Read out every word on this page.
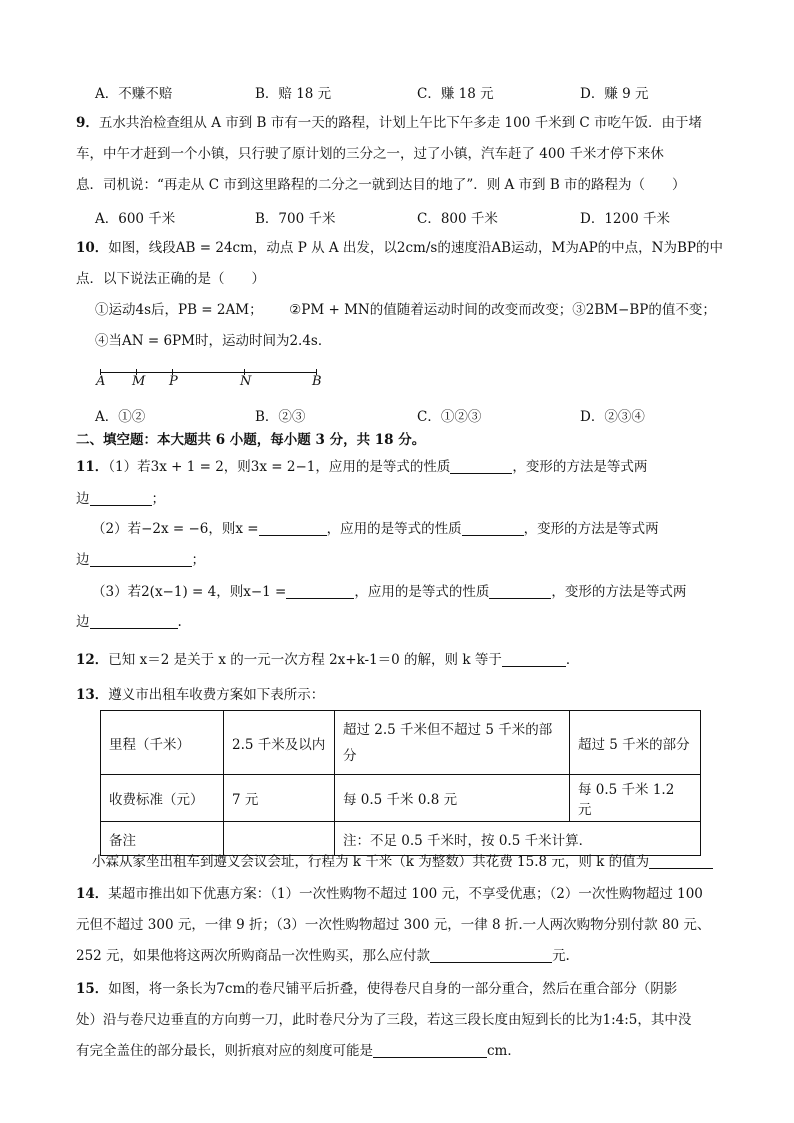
A．不赚不赔	B．赔 18 元	C．赚 18 元	D．赚 9 元
9．五水共治检查组从 A 市到 B 市有一天的路程，计划上午比下午多走 100 千米到 C 市吃午饭．由于堵
车，中午才赶到一个小镇，只行驶了原计划的三分之一，过了小镇，汽车赶了 400 千米才停下来休
息．司机说：“再走从 C 市到这里路程的二分之一就到达目的地了”．则 A 市到 B 市的路程为（　　）
A．600 千米	B．700 千米	C．800 千米	D．1200 千米
10．如图，线段AB = 24cm，动点 P 从 A 出发，以2cm/s的速度沿AB运动，M为AP的中点，N为BP的中
点．以下说法正确的是（　　）
①运动4s后，PB = 2AM； ②PM + MN的值随着运动时间的改变而改变；③2BM−BP的值不变；
④当AN = 6PM时，运动时间为2.4s．
A M P	N	B
A．①②	B．②③	C．①②③	D．②③④
二、填空题：本大题共 6 小题，每小题 3 分，共 18 分。
11．（1）若3x + 1 = 2，则3x = 2−1，应用的是等式的性质	，变形的方法是等式两
边	；
（2）若−2x = −6，则x =	，应用的是等式的性质	，变形的方法是等式两
边	；
（3）若2(x−1) = 4，则x−1 =	，应用的是等式的性质	，变形的方法是等式两
边	.
12．已知 x＝2 是关于 x 的一元一次方程 2x+k-1＝0 的解，则 k 等于	．
13．遵义市出租车收费方案如下表所示：
里程（千米）	2.5 千米及以内	超过 2.5 千米但不超过 5 千米的部分	超过 5 千米的部分
收费标准（元）	7 元	每 0.5 千米 0.8 元	每 0.5 千米 1.2 元
备注		注：不足 0.5 千米时，按 0.5 千米计算．	
小霖从家坐出租车到遵义会议会址，行程为 k 千米（k 为整数）共花费 15.8 元，则 k 的值为
14．某超市推出如下优惠方案：（1）一次性购物不超过 100 元，不享受优惠；（2）一次性购物超过 100
元但不超过 300 元，一律 9 折；（3）一次性购物超过 300 元，一律 8 折.一人两次购物分别付款 80 元、
252 元，如果他将这两次所购商品一次性购买，那么应付款	元.
15．如图，将一条长为7cm的卷尺铺平后折叠，使得卷尺自身的一部分重合，然后在重合部分（阴影
处）沿与卷尺边垂直的方向剪一刀，此时卷尺分为了三段，若这三段长度由短到长的比为1:4:5，其中没
有完全盖住的部分最长，则折痕对应的刻度可能是	cm．
